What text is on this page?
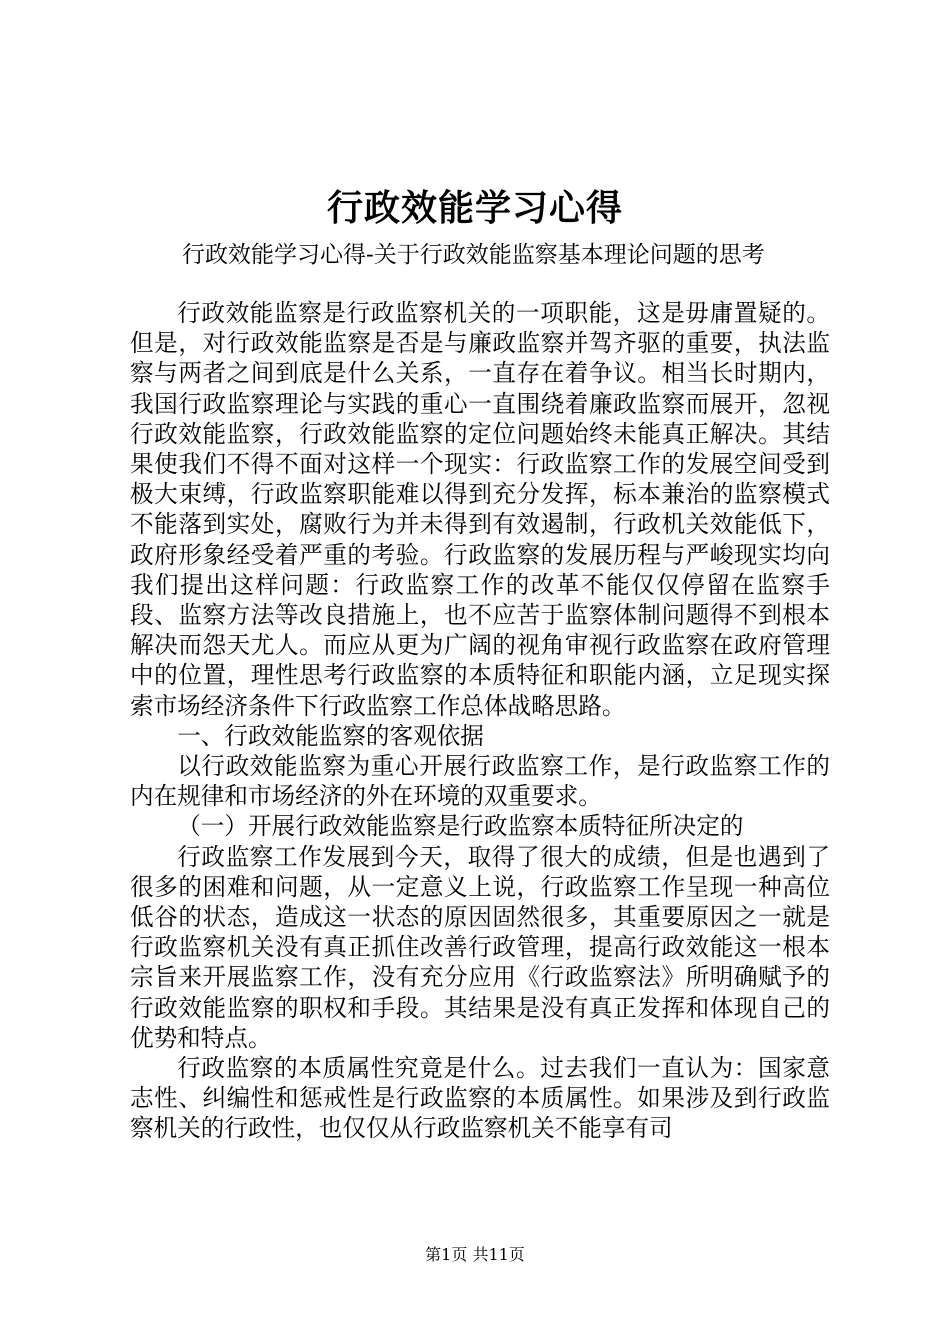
行政效能学习心得
行政效能学习心得-关于行政效能监察基本理论问题的思考

行政效能监察是行政监察机关的一项职能，这是毋庸置疑的。但是，对行政效能监察是否是与廉政监察并驾齐驱的重要，执法监察与两者之间到底是什么关系，一直存在着争议。相当长时期内，我国行政监察理论与实践的重心一直围绕着廉政监察而展开，忽视行政效能监察，行政效能监察的定位问题始终未能真正解决。其结果使我们不得不面对这样一个现实：行政监察工作的发展空间受到极大束缚，行政监察职能难以得到充分发挥，标本兼治的监察模式不能落到实处，腐败行为并未得到有效遏制，行政机关效能低下，政府形象经受着严重的考验。行政监察的发展历程与严峻现实均向我们提出这样问题：行政监察工作的改革不能仅仅停留在监察手段、监察方法等改良措施上，也不应苦于监察体制问题得不到根本解决而怨天尤人。而应从更为广阔的视角审视行政监察在政府管理中的位置，理性思考行政监察的本质特征和职能内涵，立足现实探索市场经济条件下行政监察工作总体战略思路。

一、行政效能监察的客观依据

以行政效能监察为重心开展行政监察工作，是行政监察工作的内在规律和市场经济的外在环境的双重要求。

（一）开展行政效能监察是行政监察本质特征所决定的

行政监察工作发展到今天，取得了很大的成绩，但是也遇到了很多的困难和问题，从一定意义上说，行政监察工作呈现一种高位低谷的状态，造成这一状态的原因固然很多，其重要原因之一就是行政监察机关没有真正抓住改善行政管理，提高行政效能这一根本宗旨来开展监察工作，没有充分应用《行政监察法》所明确赋予的行政效能监察的职权和手段。其结果是没有真正发挥和体现自己的优势和特点。

行政监察的本质属性究竟是什么。过去我们一直认为：国家意志性、纠编性和惩戒性是行政监察的本质属性。如果涉及到行政监察机关的行政性，也仅仅从行政监察机关不能享有司

第1页 共11页
